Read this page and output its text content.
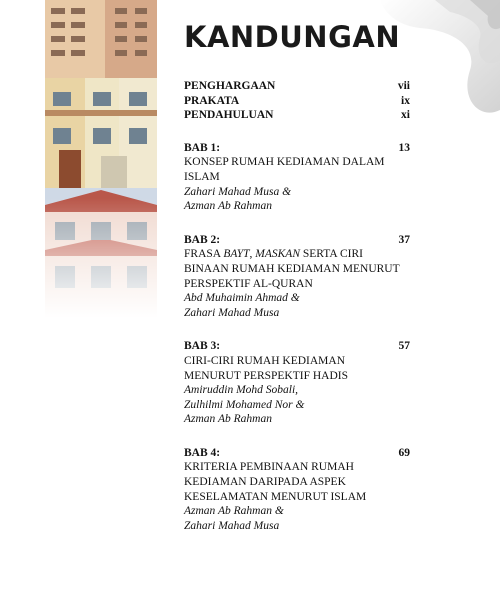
KANDUNGAN
PENGHARGAAN	vii
PRAKATA	ix
PENDAHULUAN	xi
BAB 1:	13
KONSEP RUMAH KEDIAMAN DALAM
ISLAM
Zahari Mahad Musa &
Azman Ab Rahman
BAB 2:	37
FRASA BAYT, MASKAN SERTA CIRI
BINAAN RUMAH KEDIAMAN MENURUT
PERSPEKTIF AL-QURAN
Abd Muhaimin Ahmad &
Zahari Mahad Musa
BAB 3:	57
CIRI-CIRI RUMAH KEDIAMAN
MENURUT PERSPEKTIF HADIS
Amiruddin Mohd Sobali,
Zulhilmi Mohamed Nor &
Azman Ab Rahman
BAB 4:	69
KRITERIA PEMBINAAN RUMAH
KEDIAMAN DARIPADA ASPEK
KESELAMATAN MENURUT ISLAM
Azman Ab Rahman &
Zahari Mahad Musa
